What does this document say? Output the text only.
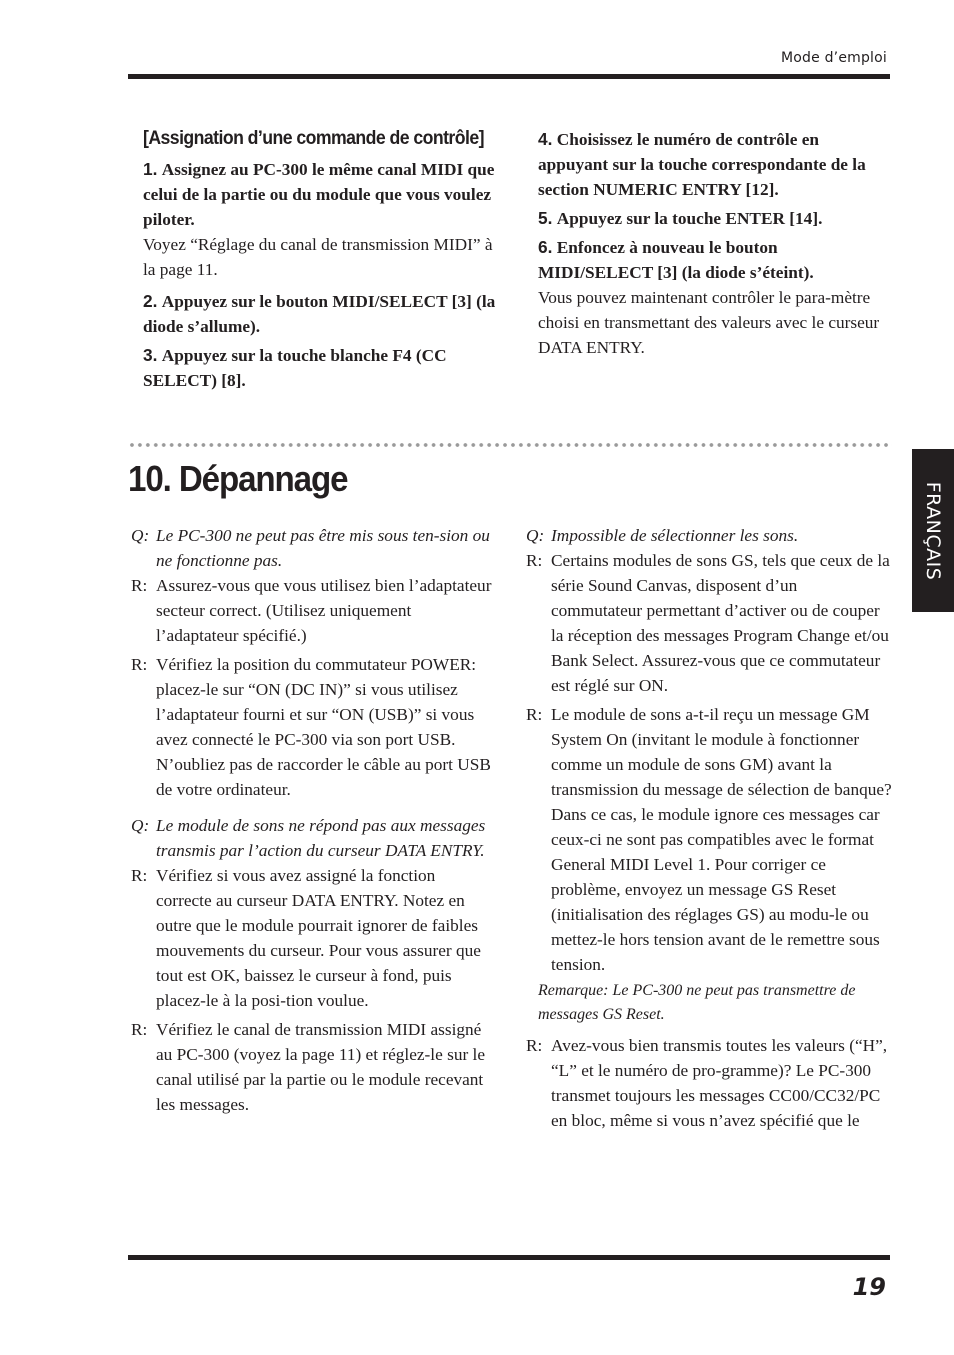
Mode d’emploi

[Assignation d’une commande de contrôle]

1. Assignez au PC-300 le même canal MIDI que celui de la partie ou du module que vous voulez piloter.

Voyez “Réglage du canal de transmission MIDI” à la page 11.

2. Appuyez sur le bouton MIDI/SELECT [3] (la diode s’allume).
3. Appuyez sur la touche blanche F4 (CC SELECT) [8].
4. Choisissez le numéro de contrôle en appuyant sur la touche correspondante de la section NUMERIC ENTRY [12].
5. Appuyez sur la touche ENTER [14].
6. Enfoncez à nouveau le bouton MIDI/SELECT [3] (la diode s’éteint).

Vous pouvez maintenant contrôler le para-mètre choisi en transmettant des valeurs avec le curseur DATA ENTRY.

10. Dépannage
FRANÇAIS
Q: Le PC-300 ne peut pas être mis sous ten-sion ou ne fonctionne pas.

R: Assurez-vous que vous utilisez bien l’adaptateur secteur correct. (Utilisez uniquement l’adaptateur spécifié.)

R: Vérifiez la position du commutateur POWER: placez-le sur “ON (DC IN)” si vous utilisez l’adaptateur fourni et sur “ON (USB)” si vous avez connecté le PC-300 via son port USB. N’oubliez pas de raccorder le câble au port USB de votre ordinateur.

Q: Le module de sons ne répond pas aux messages transmis par l’action du curseur DATA ENTRY.

R: Vérifiez si vous avez assigné la fonction correcte au curseur DATA ENTRY. Notez en outre que le module pourrait ignorer de faibles mouvements du curseur. Pour vous assurer que tout est OK, baissez le curseur à fond, puis placez-le à la posi-tion voulue.

R: Vérifiez le canal de transmission MIDI assigné au PC-300 (voyez la page 11) et réglez-le sur le canal utilisé par la partie ou le module recevant les messages.

Q: Impossible de sélectionner les sons.

R: Certains modules de sons GS, tels que ceux de la série Sound Canvas, disposent d’un commutateur permettant d’activer ou de couper la réception des messages Program Change et/ou Bank Select. Assurez-vous que ce commutateur est réglé sur ON.

R: Le module de sons a-t-il reçu un message GM System On (invitant le module à fonctionner comme un module de sons GM) avant la transmission du message de sélection de banque? Dans ce cas, le module ignore ces messages car ceux-ci ne sont pas compatibles avec le format General MIDI Level 1. Pour corriger ce problème, envoyez un message GS Reset (initialisation des réglages GS) au modu-le ou mettez-le hors tension avant de le remettre sous tension.

Remarque: Le PC-300 ne peut pas transmettre de messages GS Reset.

R: Avez-vous bien transmis toutes les valeurs (“H”, “L” et le numéro de pro-gramme)? Le PC-300 transmet toujours les messages CC00/CC32/PC en bloc, même si vous n’avez spécifié que le

19
